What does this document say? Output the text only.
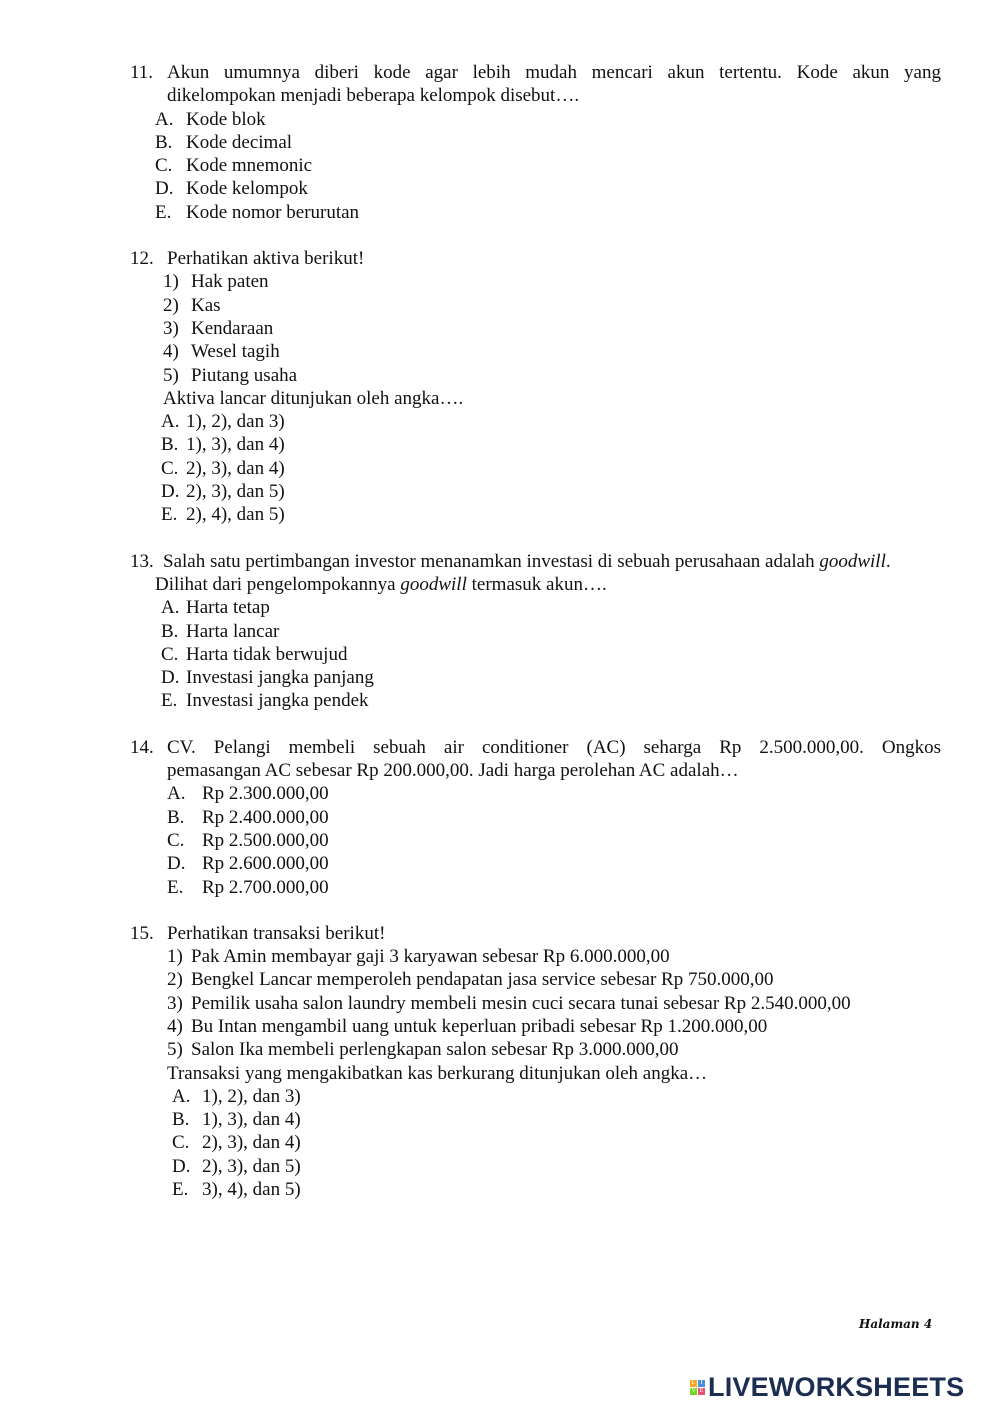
11. Akun umumnya diberi kode agar lebih mudah mencari akun tertentu. Kode akun yang
dikelompokan menjadi beberapa kelompok disebut….
A. Kode blok
B. Kode decimal
C. Kode mnemonic
D. Kode kelompok
E. Kode nomor berurutan
12. Perhatikan aktiva berikut!
1) Hak paten
2) Kas
3) Kendaraan
4) Wesel tagih
5) Piutang usaha
Aktiva lancar ditunjukan oleh angka….
A. 1), 2), dan 3)
B. 1), 3), dan 4)
C. 2), 3), dan 4)
D. 2), 3), dan 5)
E. 2), 4), dan 5)
13. Salah satu pertimbangan investor menanamkan investasi di sebuah perusahaan adalah goodwill.
Dilihat dari pengelompokannya goodwill termasuk akun….
A. Harta tetap
B. Harta lancar
C. Harta tidak berwujud
D. Investasi jangka panjang
E. Investasi jangka pendek
14. CV. Pelangi membeli sebuah air conditioner (AC) seharga Rp 2.500.000,00. Ongkos
pemasangan AC sebesar Rp 200.000,00. Jadi harga perolehan AC adalah…
A. Rp 2.300.000,00
B. Rp 2.400.000,00
C. Rp 2.500.000,00
D. Rp 2.600.000,00
E. Rp 2.700.000,00
15. Perhatikan transaksi berikut!
1) Pak Amin membayar gaji 3 karyawan sebesar Rp 6.000.000,00
2) Bengkel Lancar memperoleh pendapatan jasa service sebesar Rp 750.000,00
3) Pemilik usaha salon laundry membeli mesin cuci secara tunai sebesar Rp 2.540.000,00
4) Bu Intan mengambil uang untuk keperluan pribadi sebesar Rp 1.200.000,00
5) Salon Ika membeli perlengkapan salon sebesar Rp 3.000.000,00
Transaksi yang mengakibatkan kas berkurang ditunjukan oleh angka…
A. 1), 2), dan 3)
B. 1), 3), dan 4)
C. 2), 3), dan 4)
D. 2), 3), dan 5)
E. 3), 4), dan 5)
Halaman 4
L I
V E LIVEWORKSHEETS
